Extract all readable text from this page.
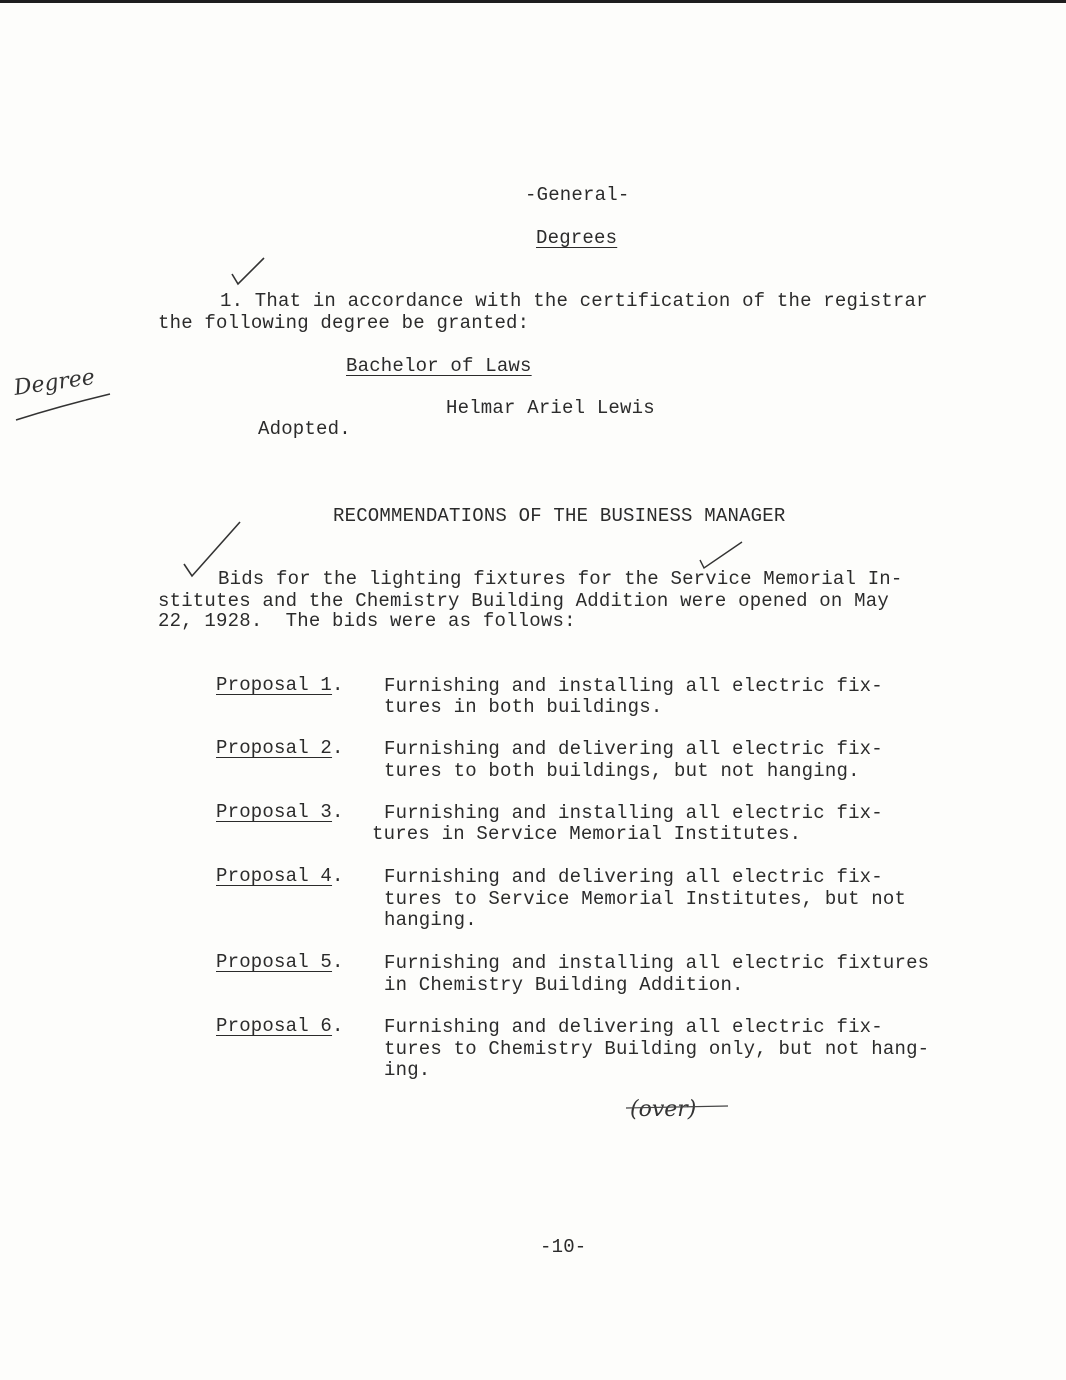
-General-
Degrees
1. That in accordance with the certification of the registrar
the following degree be granted:
Degree	Bachelor of Laws
Helmar Ariel Lewis
Adopted.
RECOMMENDATIONS OF THE BUSINESS MANAGER
Bids for the lighting fixtures for the Service Memorial In-
stitutes and the Chemistry Building Addition were opened on May
22, 1928.  The bids were as follows:
Proposal 1. Furnishing and installing all electric fix-
tures in both buildings.
Proposal 2. Furnishing and delivering all electric fix-
tures to both buildings, but not hanging.
Proposal 3. Furnishing and installing all electric fix-
tures in Service Memorial Institutes.
Proposal 4. Furnishing and delivering all electric fix-
tures to Service Memorial Institutes, but not
hanging.
Proposal 5. Furnishing and installing all electric fixtures
in Chemistry Building Addition.
Proposal 6. Furnishing and delivering all electric fix-
tures to Chemistry Building only, but not hang-
ing.
(over)
-10-
